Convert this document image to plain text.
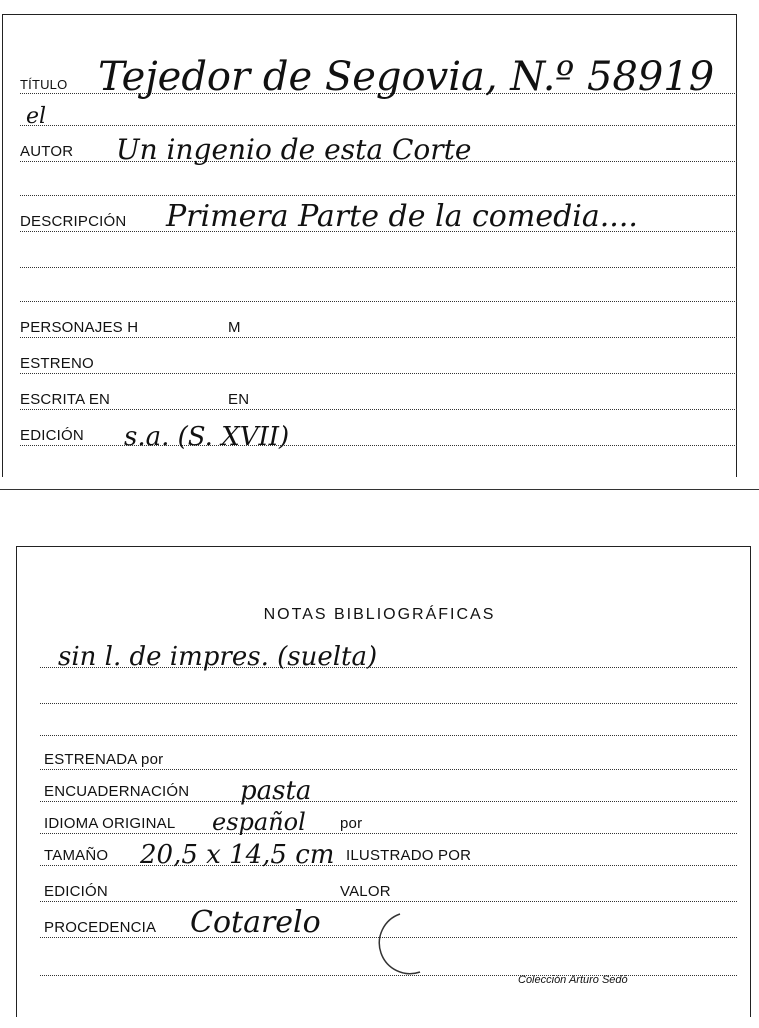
TÍTULO Tejedor de Segovia, N.º 58919
el
AUTOR Un ingenio de esta Corte
DESCRIPCIÓN Primera Parte de la comedia....
PERSONAJES H	M
ESTRENO
ESCRITA EN	EN
EDICIÓN s.a. (S. XVII)
NOTAS BIBLIOGRÁFICAS
sin l. de impres. (suelta)
ESTRENADA por
ENCUADERNACIÓN pasta
IDIOMA ORIGINAL español por
TAMAÑO 20,5 x 14,5 cm ILUSTRADO POR
EDICIÓN	VALOR
PROCEDENCIA Cotarelo
Colección Arturo Sedó
